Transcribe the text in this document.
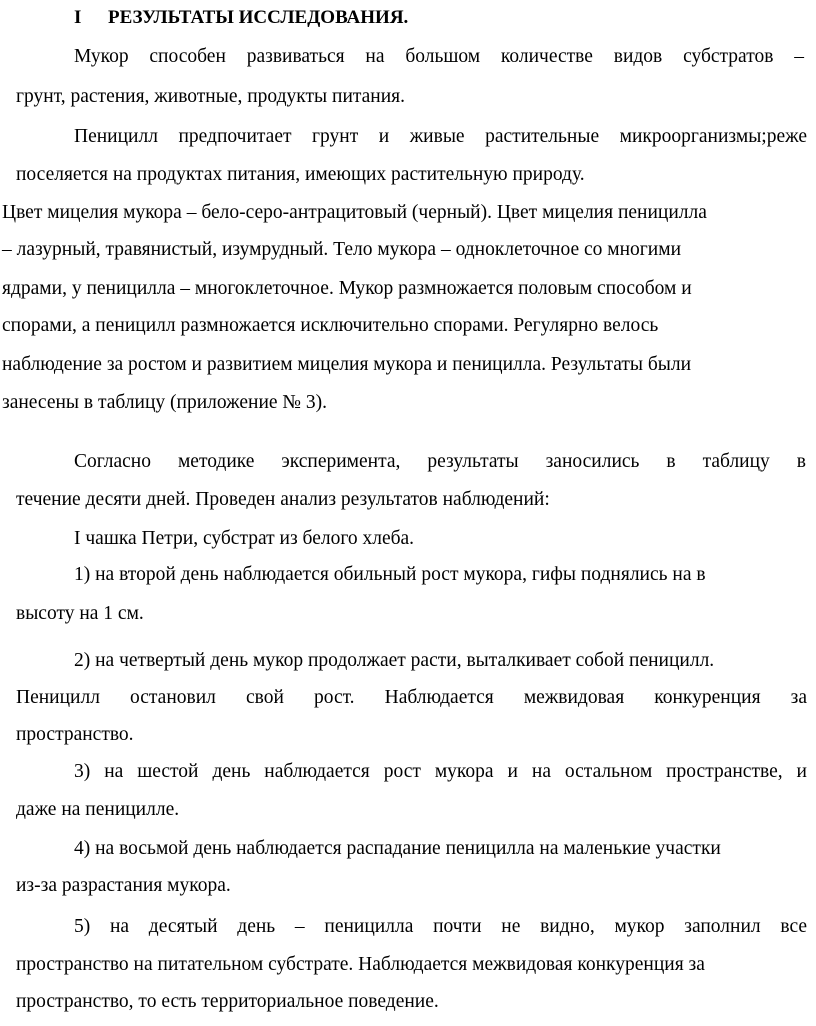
I РЕЗУЛЬТАТЫ ИССЛЕДОВАНИЯ.
Мукор способен развиваться на большом количестве видов субстратов –
грунт, растения, животные, продукты питания.
Пеницилл предпочитает грунт и живые растительные микроорганизмы;реже
поселяется на продуктах питания, имеющих растительную природу.
Цвет мицелия мукора – бело-серо-антрацитовый (черный). Цвет мицелия пеницилла
– лазурный, травянистый, изумрудный. Тело мукора – одноклеточное со многими
ядрами, у пеницилла – многоклеточное. Мукор размножается половым способом и
спорами, а пеницилл размножается исключительно спорами. Регулярно велось
наблюдение за ростом и развитием мицелия мукора и пеницилла. Результаты были
занесены в таблицу (приложение № 3).
Согласно методике эксперимента, результаты заносились в таблицу в
течение десяти дней. Проведен анализ результатов наблюдений:
I чашка Петри, субстрат из белого хлеба.
1) на второй день наблюдается обильный рост мукора, гифы поднялись на в
высоту на 1 см.
2) на четвертый день мукор продолжает расти, выталкивает собой пеницилл.
Пеницилл остановил свой рост. Наблюдается межвидовая конкуренция за
пространство.
3) на шестой день наблюдается рост мукора и на остальном пространстве, и
даже на пеницилле.
4) на восьмой день наблюдается распадание пеницилла на маленькие участки
из-за разрастания мукора.
5) на десятый день – пеницилла почти не видно, мукор заполнил все
пространство на питательном субстрате. Наблюдается межвидовая конкуренция за
пространство, то есть территориальное поведение.
